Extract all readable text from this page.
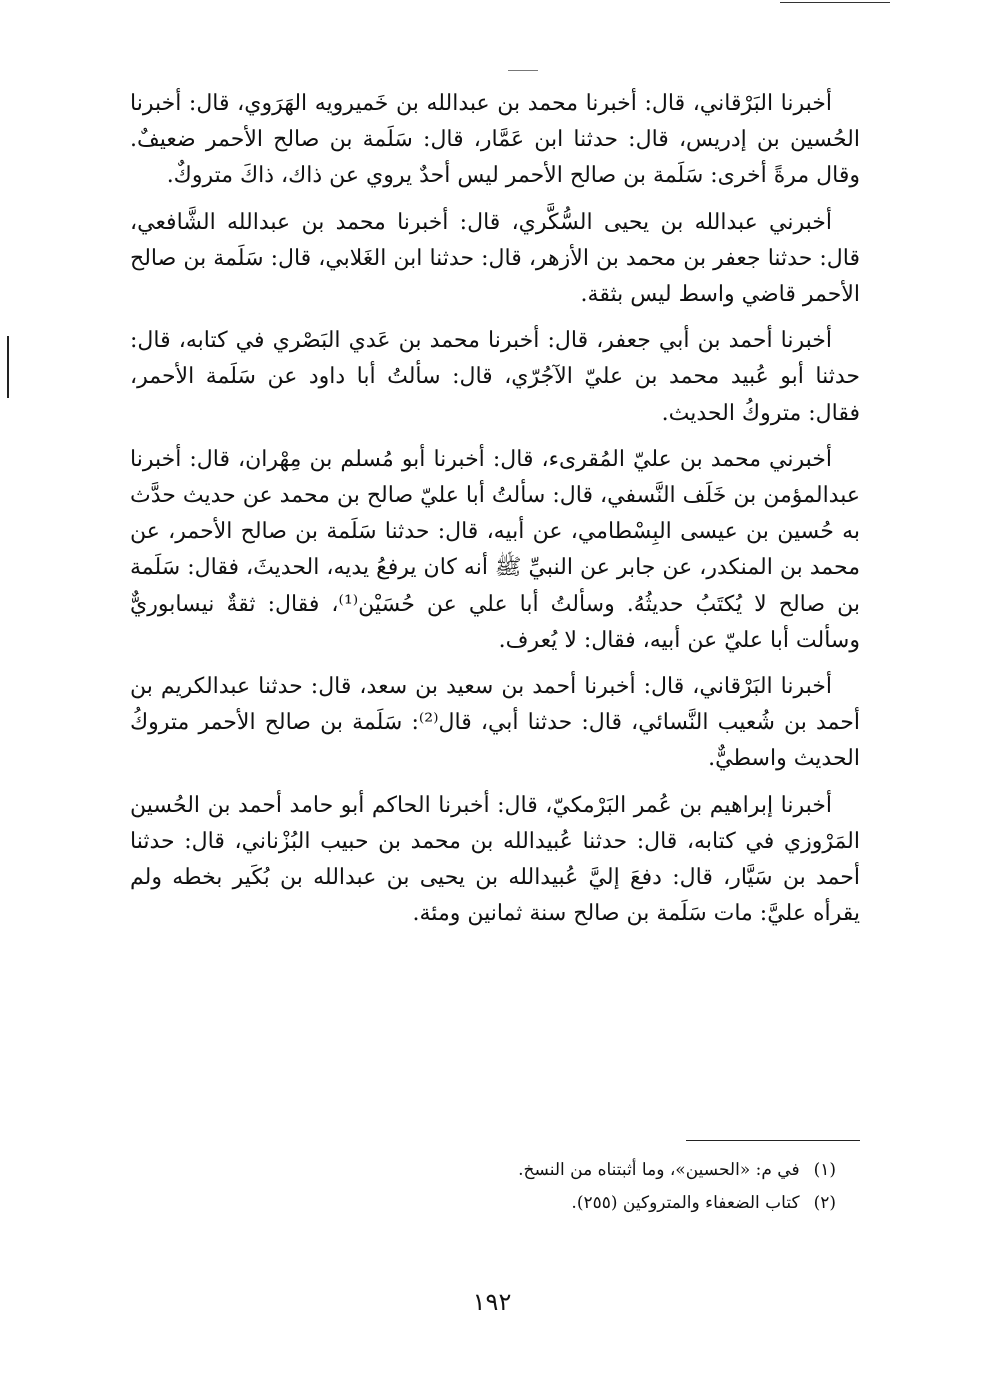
أخبرنا البَرْقاني، قال: أخبرنا محمد بن عبدالله بن خَميرويه الهَرَوي، قال: أخبرنا الحُسين بن إدريس، قال: حدثنا ابن عَمَّار، قال: سَلَمة بن صالح الأحمر ضعيفٌ. وقال مرةً أخرى: سَلَمة بن صالح الأحمر ليس أحدٌ يروي عن ذاك، ذاكَ متروكٌ.

أخبرني عبدالله بن يحيى السُّكَّري، قال: أخبرنا محمد بن عبدالله الشَّافعي، قال: حدثنا جعفر بن محمد بن الأزهر، قال: حدثنا ابن الغَلابي، قال: سَلَمة بن صالح الأحمر قاضي واسط ليس بثقة.

أخبرنا أحمد بن أبي جعفر، قال: أخبرنا محمد بن عَدي البَصْري في كتابه، قال: حدثنا أبو عُبيد محمد بن عليّ الآجُرّي، قال: سألتُ أبا داود عن سَلَمة الأحمر، فقال: متروكُ الحديث.

أخبرني محمد بن عليّ المُقرىء، قال: أخبرنا أبو مُسلم بن مِهْران، قال: أخبرنا عبدالمؤمن بن خَلَف النَّسفي، قال: سألتُ أبا عليّ صالح بن محمد عن حديث حدَّث به حُسين بن عيسى البِسْطامي، عن أبيه، قال: حدثنا سَلَمة بن صالح الأحمر، عن محمد بن المنكدر، عن جابر عن النبيِّ ﷺ أنه كان يرفعُ يديه، الحديثَ، فقال: سَلَمة بن صالح لا يُكتَبُ حديثُهُ. وسألتُ أبا علي عن حُسَيْن⁽¹⁾، فقال: ثقةٌ نيسابوريٌّ وسألت أبا عليّ عن أبيه، فقال: لا يُعرف.

أخبرنا البَرْقاني، قال: أخبرنا أحمد بن سعيد بن سعد، قال: حدثنا عبدالكريم بن أحمد بن شُعيب النَّسائي، قال: حدثنا أبي، قال⁽²⁾: سَلَمة بن صالح الأحمر متروكُ الحديث واسطيٌّ.

أخبرنا إبراهيم بن عُمر البَرْمكيّ، قال: أخبرنا الحاكم أبو حامد أحمد بن الحُسين المَرْوزي في كتابه، قال: حدثنا عُبيدالله بن محمد بن حبيب البُزْناني، قال: حدثنا أحمد بن سَيَّار، قال: دفعَ إليَّ عُبيدالله بن يحيى بن عبدالله بن بُكَير بخطه ولم يقرأه عليَّ: مات سَلَمة بن صالح سنة ثمانين ومئة.

(١)في م: «الحسين»، وما أثبتناه من النسخ.

(٢)كتاب الضعفاء والمتروكين (٢٥٥).

١٩٢
